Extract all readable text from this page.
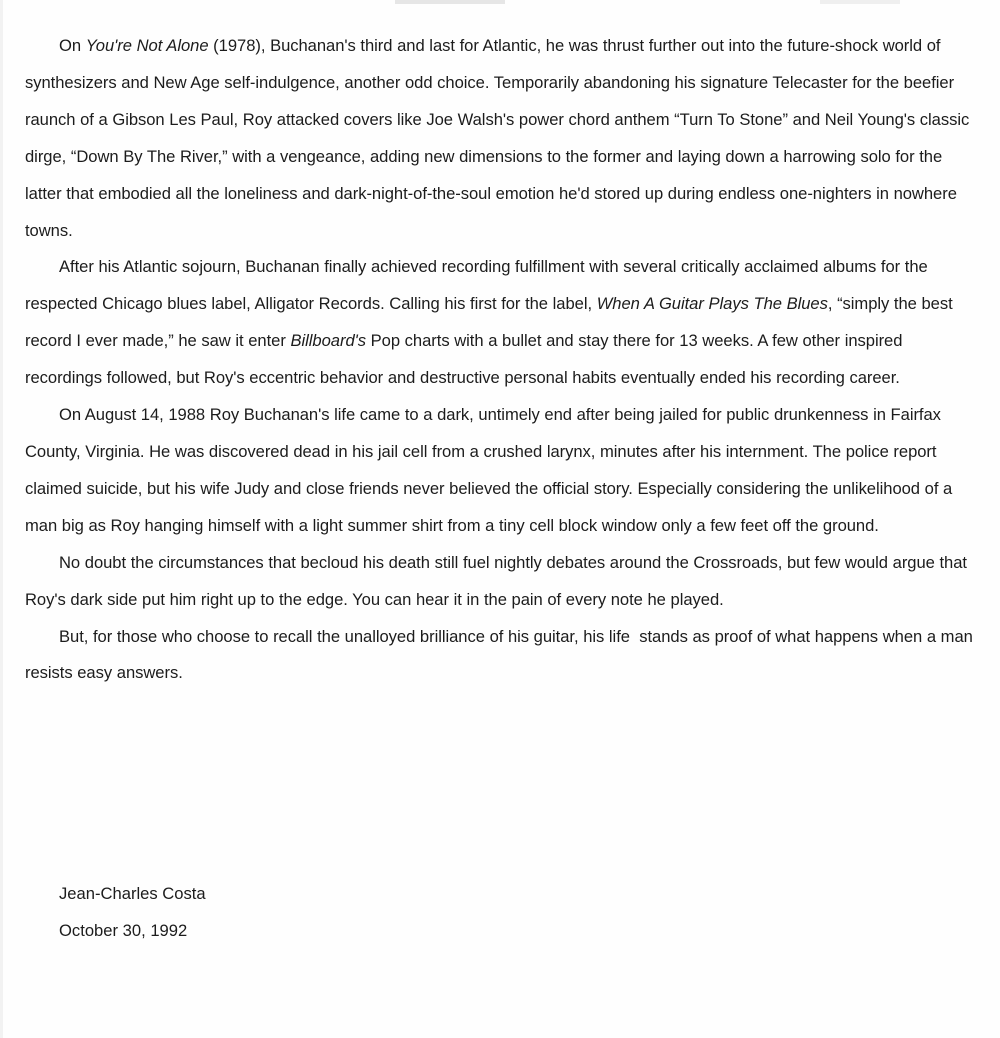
On You're Not Alone (1978), Buchanan's third and last for Atlantic, he was thrust further out into the future-shock world of synthesizers and New Age self-indulgence, another odd choice. Temporarily abandoning his signature Telecaster for the beefier raunch of a Gibson Les Paul, Roy attacked covers like Joe Walsh's power chord anthem “Turn To Stone” and Neil Young's classic dirge, “Down By The River,” with a vengeance, adding new dimensions to the former and laying down a harrowing solo for the latter that embodied all the loneliness and dark-night-of-the-soul emotion he'd stored up during endless one-nighters in nowhere towns.

After his Atlantic sojourn, Buchanan finally achieved recording fulfillment with several critically acclaimed albums for the respected Chicago blues label, Alligator Records. Calling his first for the label, When A Guitar Plays The Blues, “simply the best record I ever made,” he saw it enter Billboard's Pop charts with a bullet and stay there for 13 weeks. A few other inspired recordings followed, but Roy's eccentric behavior and destructive personal habits eventually ended his recording career.

On August 14, 1988 Roy Buchanan's life came to a dark, untimely end after being jailed for public drunkenness in Fairfax County, Virginia. He was discovered dead in his jail cell from a crushed larynx, minutes after his internment. The police report claimed suicide, but his wife Judy and close friends never believed the official story. Especially considering the unlikelihood of a man big as Roy hanging himself with a light summer shirt from a tiny cell block window only a few feet off the ground.

No doubt the circumstances that becloud his death still fuel nightly debates around the Crossroads, but few would argue that Roy's dark side put him right up to the edge. You can hear it in the pain of every note he played.

But, for those who choose to recall the unalloyed brilliance of his guitar, his life  stands as proof of what happens when a man resists easy answers.

Jean-Charles Costa
October 30, 1992
